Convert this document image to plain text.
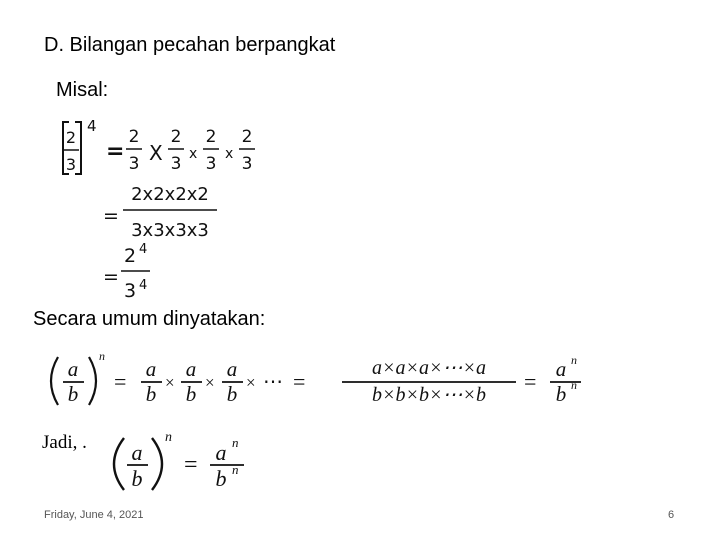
D. Bilangan pecahan berpangkat
Misal:
Secara umum dinyatakan:
Jadi, .
Friday, June 4, 2021	6
2
3
4
=
2
3 X
2
3 x
2
3 x
2
3
=
2x2x2x2
3x3x3x3
=
2 4
3 4
a
b
n
= a
b ×
a
b ×
a
b × ⋯ =
a×a×a×⋯×a
b×b×b×⋯×b
= a n
b n
a
b
n
= a n
b n
